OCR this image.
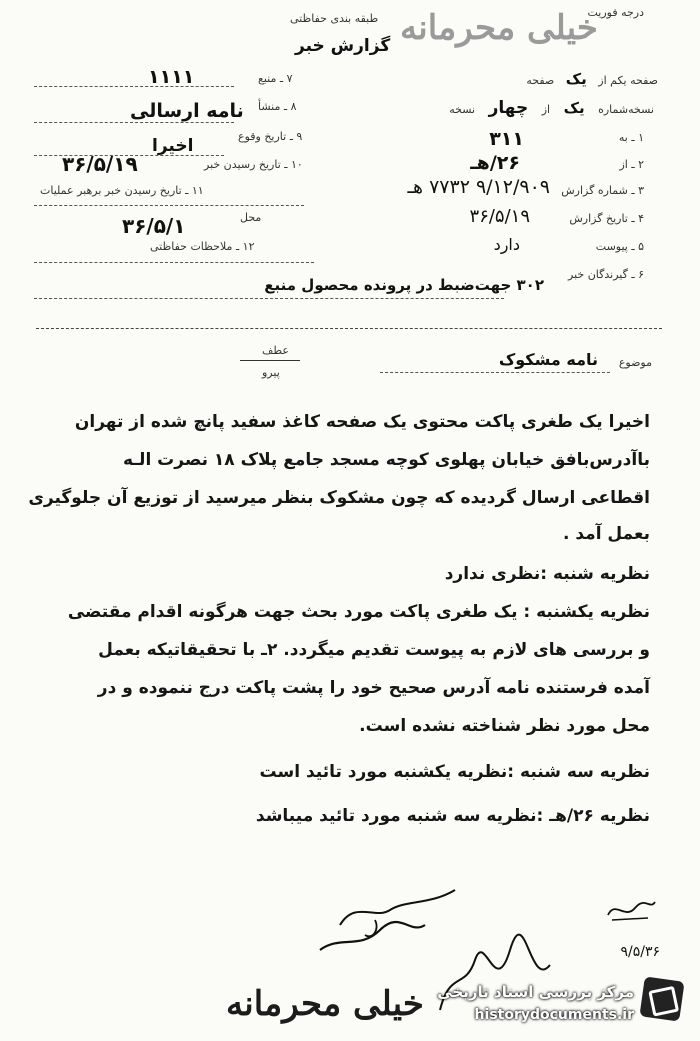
درجه فوریت
طبقه بندی حفاظتی خیلی محرمانه
گزارش خبر
صفحه یکم از یک صفحه
نسخه‌شماره یک از چهار نسخه
۱ ـ به
۳۱۱
۲ ـ از
۲۶/هـ
۳ ـ شماره گزارش
۹/۱۲/۹۰۹ ۷۷۳۲ هـ
۴ ـ تاریخ گزارش
۳۶/۵/۱۹
۵ ـ پیوست
دارد
۶ ـ گیرندگان خبر
۷ ـ منبع
۱۱۱۱
۸ ـ منشأ
نامه ارسالی
۹ ـ تاریخ وقوع
اخیرا
۱۰ ـ تاریخ رسیدن خبر
۳۶/۵/۱۹
۱۱ ـ تاریخ رسیدن خبر برهبر عملیات
محل
۳۶/۵/۱
۱۲ ـ ملاحظات حفاظتی
۳۰۲ جهت‌ضبط در پرونده محصول منبع
عطف
پیرو
موضوع
نامه مشکوک
اخیرا یک طغری پاکت محتوی یک صفحه کاغذ سفید پانچ شده از تهران
باآدرس‌بافق خیابان پهلوی کوچه مسجد جامع پلاک ۱۸ نصرت الـه
اقطاعی ارسال گردیده که چون مشکوک بنظر میرسید از توزیع آن جلوگیری
بعمل آمد .
نظریه شنبه :نظری ندارد
نظریه یکشنبه : یک طغری پاکت مورد بحث جهت هرگونه اقدام مقتضی
و بررسی های لازم به پیوست تقدیم میگردد. ۲ـ با تحقیقاتیکه بعمل
آمده فرستنده نامه آدرس صحیح خود را پشت پاکت درج ننموده و در
محل مورد نظر شناخته نشده است.
نظریه سه شنبه :نظریه یکشنبه مورد تائید است
نظریه ۲۶/هـ :نظریه سه شنبه مورد تائید میباشد
۹/۵/۳۶
خیلی محرمانه مرکز بررسی اسناد تاریخی
historydocuments.ir
